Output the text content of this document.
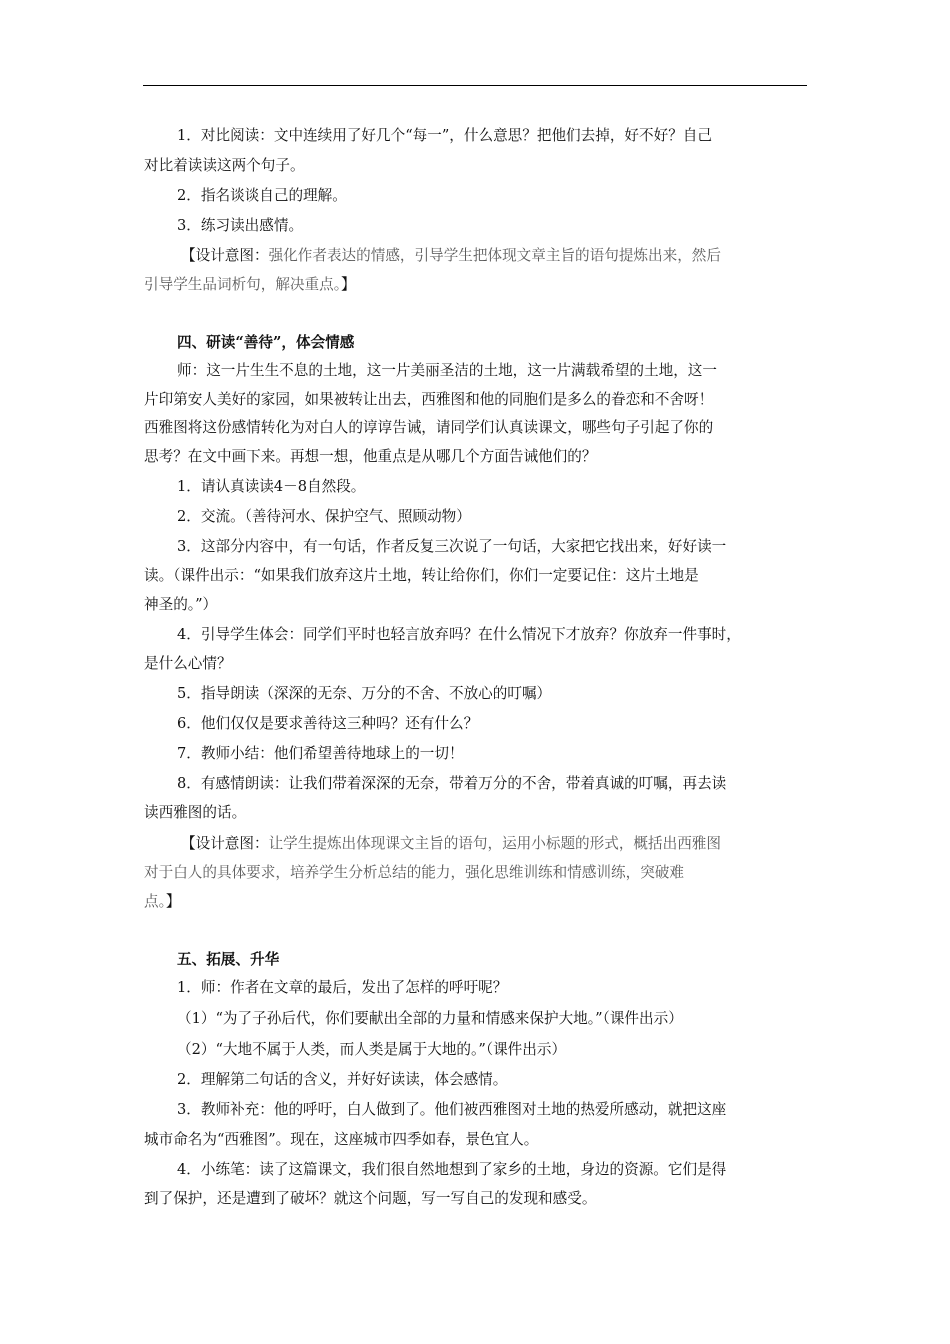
1．对比阅读：文中连续用了好几个“每一”，什么意思？把他们去掉，好不好？自己
对比着读读这两个句子。
2．指名谈谈自己的理解。
3．练习读出感情。
【设计意图：强化作者表达的情感，引导学生把体现文章主旨的语句提炼出来，然后
引导学生品词析句，解决重点。】
四、研读“善待”，体会情感
师：这一片生生不息的土地，这一片美丽圣洁的土地，这一片满载希望的土地，这一
片印第安人美好的家园，如果被转让出去，西雅图和他的同胞们是多么的眷恋和不舍呀！
西雅图将这份感情转化为对白人的谆谆告诫，请同学们认真读课文，哪些句子引起了你的
思考？在文中画下来。再想一想，他重点是从哪几个方面告诫他们的？
1．请认真读读4－8自然段。
2．交流。（善待河水、保护空气、照顾动物）
3．这部分内容中，有一句话，作者反复三次说了一句话，大家把它找出来，好好读一
读。（课件出示：“如果我们放弃这片土地，转让给你们，你们一定要记住：这片土地是
神圣的。”）
4．引导学生体会：同学们平时也轻言放弃吗？在什么情况下才放弃？你放弃一件事时，
是什么心情？
5．指导朗读（深深的无奈、万分的不舍、不放心的叮嘱）
6．他们仅仅是要求善待这三种吗？还有什么？
7．教师小结：他们希望善待地球上的一切！
8．有感情朗读：让我们带着深深的无奈，带着万分的不舍，带着真诚的叮嘱，再去读
读西雅图的话。
【设计意图：让学生提炼出体现课文主旨的语句，运用小标题的形式，概括出西雅图
对于白人的具体要求，培养学生分析总结的能力，强化思维训练和情感训练，突破难
点。】
五、拓展、升华
1．师：作者在文章的最后，发出了怎样的呼吁呢？
（1）“为了子孙后代，你们要献出全部的力量和情感来保护大地。”（课件出示）
（2）“大地不属于人类，而人类是属于大地的。”（课件出示）
2．理解第二句话的含义，并好好读读，体会感情。
3．教师补充：他的呼吁，白人做到了。他们被西雅图对土地的热爱所感动，就把这座
城市命名为“西雅图”。现在，这座城市四季如春，景色宜人。
4．小练笔：读了这篇课文，我们很自然地想到了家乡的土地，身边的资源。它们是得
到了保护，还是遭到了破坏？就这个问题，写一写自己的发现和感受。
